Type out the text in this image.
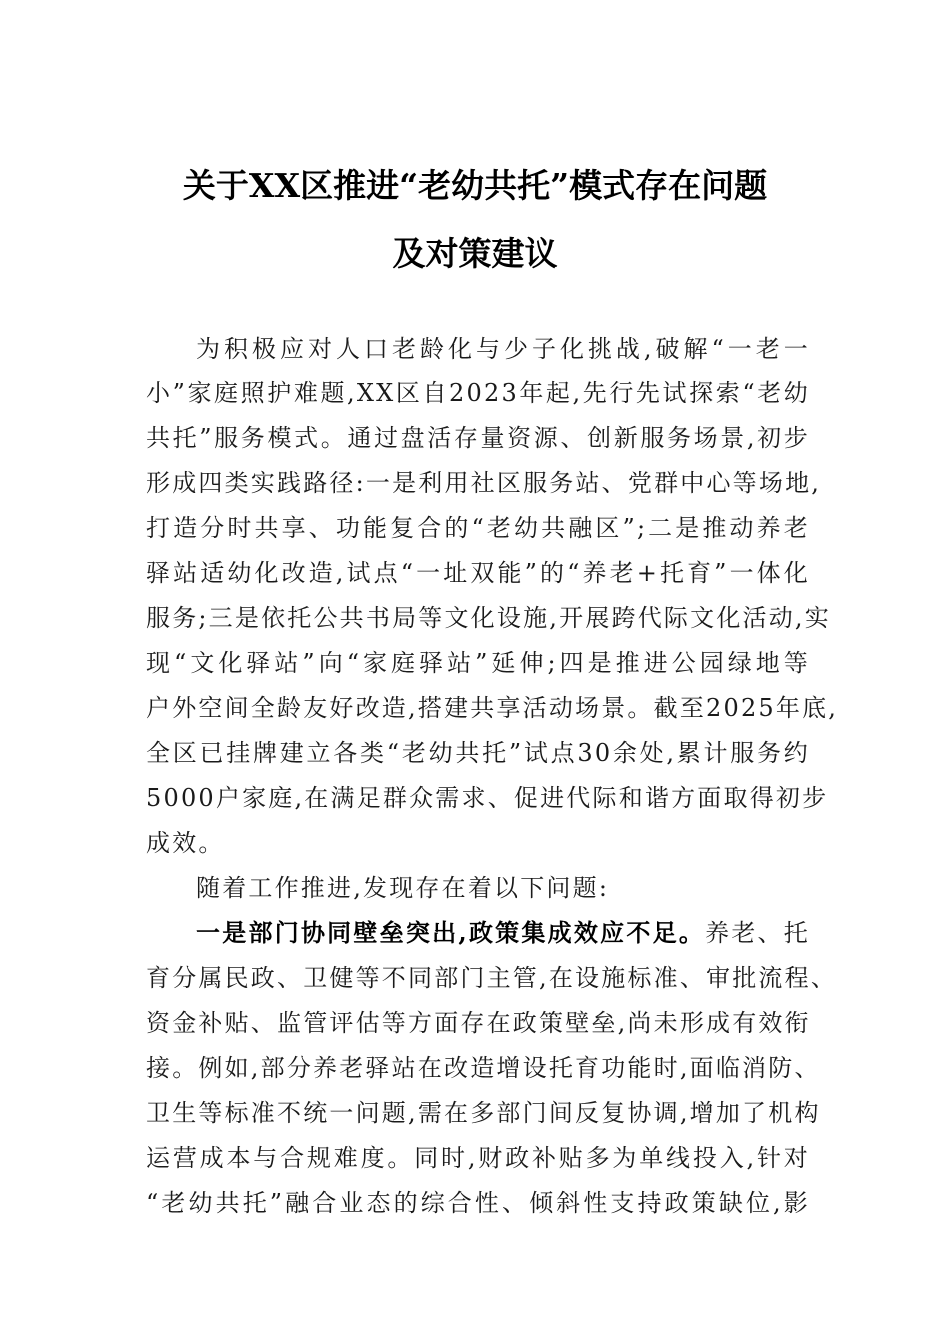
关于XX区推进“老幼共托”模式存在问题
及对策建议
为积极应对人口老龄化与少子化挑战,破解“一老一
小”家庭照护难题,XX区自2023年起,先行先试探索“老幼
共托”服务模式。通过盘活存量资源、创新服务场景,初步
形成四类实践路径:一是利用社区服务站、党群中心等场地,
打造分时共享、功能复合的“老幼共融区”;二是推动养老
驿站适幼化改造,试点“一址双能”的“养老+托育”一体化
服务;三是依托公共书局等文化设施,开展跨代际文化活动,实
现“文化驿站”向“家庭驿站”延伸;四是推进公园绿地等
户外空间全龄友好改造,搭建共享活动场景。截至2025年底,
全区已挂牌建立各类“老幼共托”试点30余处,累计服务约
5000户家庭,在满足群众需求、促进代际和谐方面取得初步
成效。
随着工作推进,发现存在着以下问题:
一是部门协同壁垒突出,政策集成效应不足。养老、托
育分属民政、卫健等不同部门主管,在设施标准、审批流程、
资金补贴、监管评估等方面存在政策壁垒,尚未形成有效衔
接。例如,部分养老驿站在改造增设托育功能时,面临消防、
卫生等标准不统一问题,需在多部门间反复协调,增加了机构
运营成本与合规难度。同时,财政补贴多为单线投入,针对
“老幼共托”融合业态的综合性、倾斜性支持政策缺位,影
